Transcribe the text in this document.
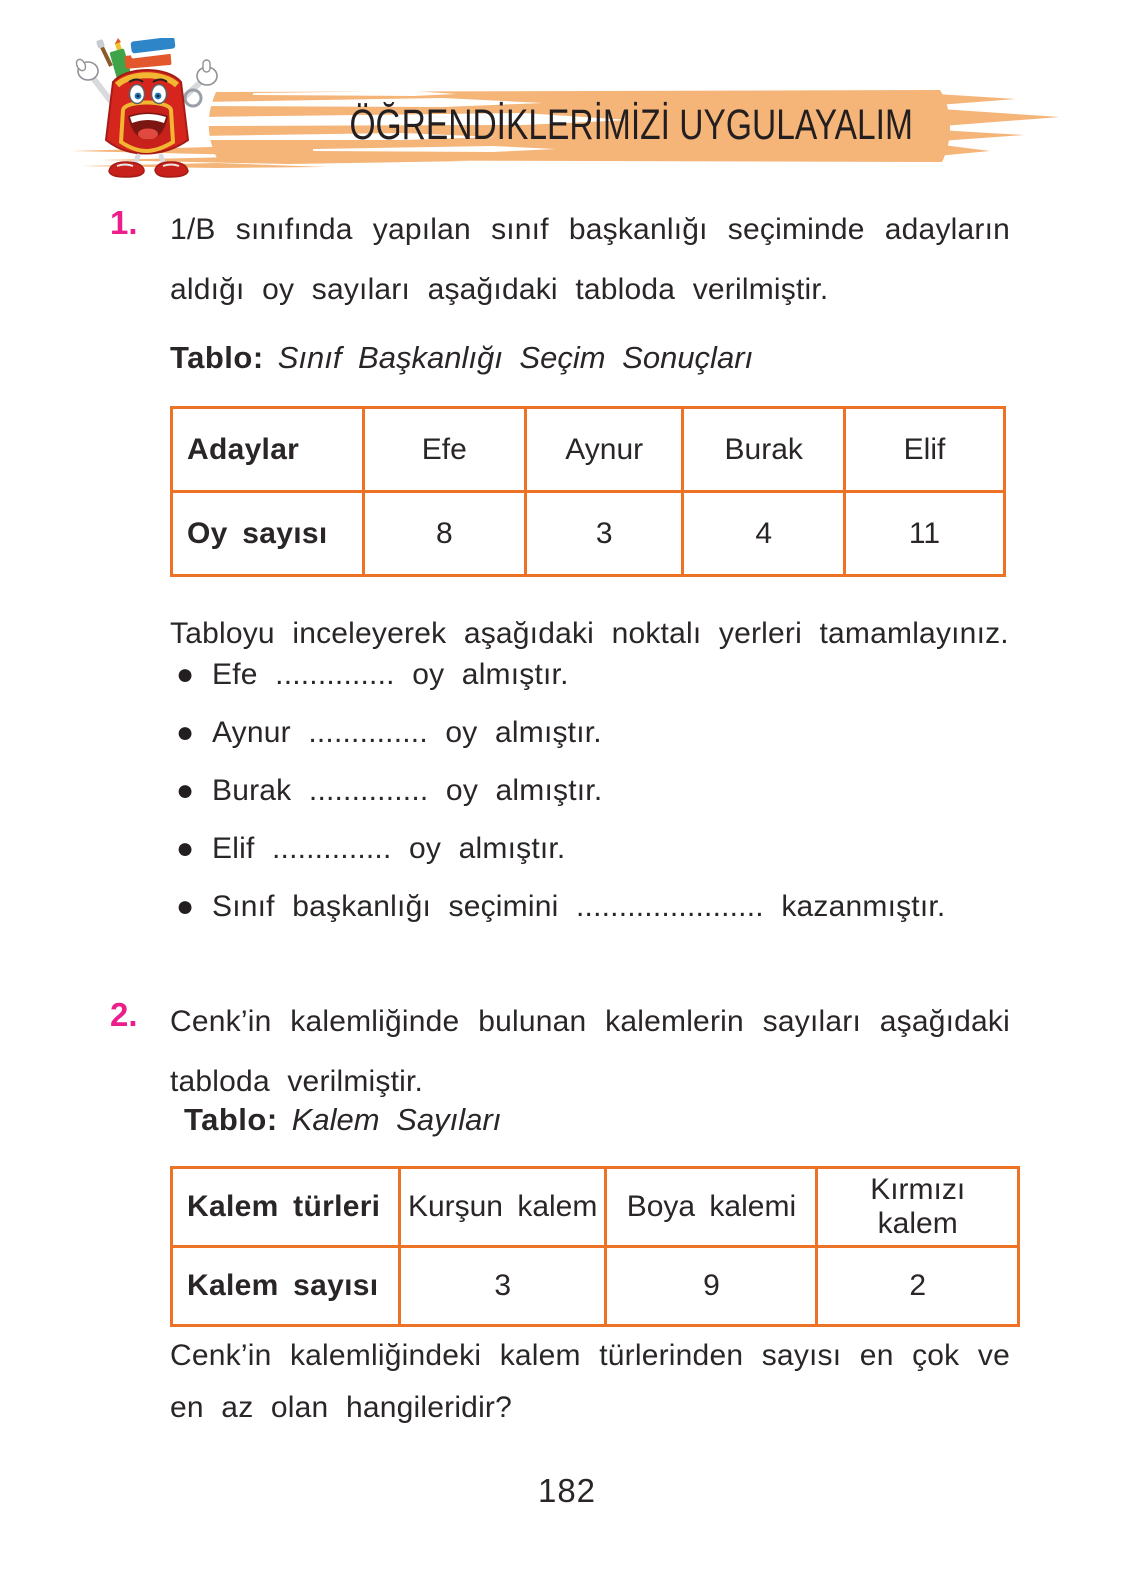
ÖĞRENDİKLERİMİZİ UYGULAYALIM
1.	1/B sınıfında yapılan sınıf başkanlığı seçiminde adayların aldığı oy sayıları aşağıdaki tabloda verilmiştir.
Tablo: Sınıf Başkanlığı Seçim Sonuçları
Adaylar	Efe	Aynur	Burak	Elif
Oy sayısı	8	3	4	11
Tabloyu inceleyerek aşağıdaki noktalı yerleri tamamlayınız.
● Efe .............. oy almıştır.
● Aynur .............. oy almıştır.
● Burak .............. oy almıştır.
● Elif .............. oy almıştır.
● Sınıf başkanlığı seçimini ...................... kazanmıştır.
2.	Cenk’in kalemliğinde bulunan kalemlerin sayıları aşağıdaki tabloda verilmiştir.
Tablo: Kalem Sayıları
Kalem türleri	Kurşun kalem	Boya kalemi	Kırmızı kalem
Kalem sayısı	3	9	2
Cenk’in kalemliğindeki kalem türlerinden sayısı en çok ve en az olan hangileridir?
182
